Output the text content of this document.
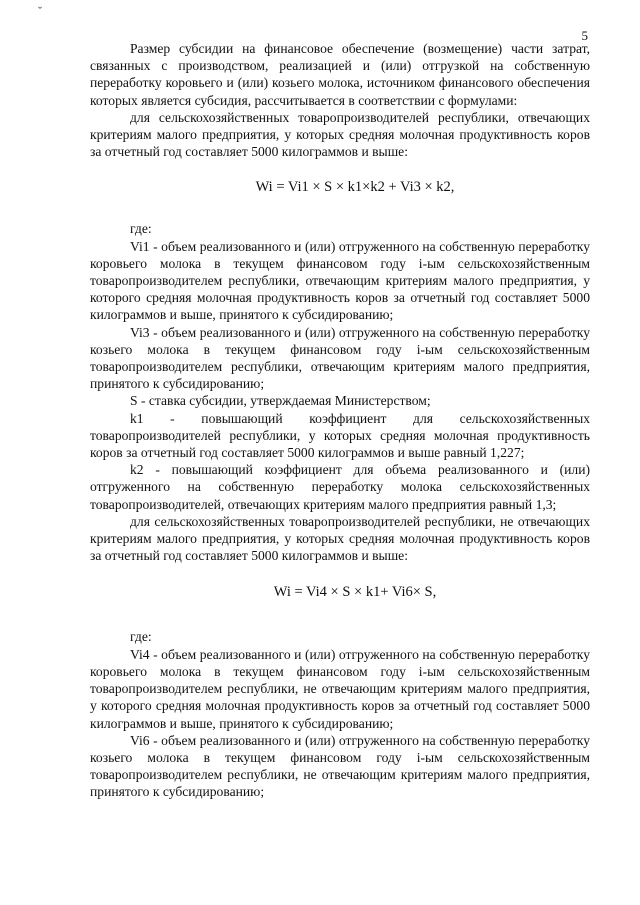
ˇ
5

Размер субсидии на финансовое обеспечение (возмещение) части затрат, связанных с производством, реализацией и (или) отгрузкой на собственную переработку коровьего и (или) козьего молока, источником финансового обеспечения которых является субсидия, рассчитывается в соответствии с формулами:

для сельскохозяйственных товаропроизводителей республики, отвечающих критериям малого предприятия, у которых средняя молочная продуктивность коров за отчетный год составляет 5000 килограммов и выше:

Wi = Vi1 × S × k1×k2 + Vi3 × k2,

где:

Vi1 - объем реализованного и (или) отгруженного на собственную переработку коровьего молока в текущем финансовом году i-ым сельскохозяйственным товаропроизводителем республики, отвечающим критериям малого предприятия, у которого средняя молочная продуктивность коров за отчетный год составляет 5000 килограммов и выше, принятого к субсидированию;

Vi3 - объем реализованного и (или) отгруженного на собственную переработку козьего молока в текущем финансовом году i-ым сельскохозяйственным товаропроизводителем республики, отвечающим критериям малого предприятия, принятого к субсидированию;

S - ставка субсидии, утверждаемая Министерством;

k1 - повышающий коэффициент для сельскохозяйственных товаропроизводителей республики, у которых средняя молочная продуктивность коров за отчетный год составляет 5000 килограммов и выше равный 1,227;

k2 - повышающий коэффициент для объема реализованного и (или) отгруженного на собственную переработку молока сельскохозяйственных товаропроизводителей, отвечающих критериям малого предприятия равный 1,3;

для сельскохозяйственных товаропроизводителей республики, не отвечающих критериям малого предприятия, у которых средняя молочная продуктивность коров за отчетный год составляет 5000 килограммов и выше:

Wi = Vi4 × S × k1+ Vi6× S,

где:

Vi4 - объем реализованного и (или) отгруженного на собственную переработку коровьего молока в текущем финансовом году i-ым сельскохозяйственным товаропроизводителем республики, не отвечающим критериям малого предприятия, у которого средняя молочная продуктивность коров за отчетный год составляет 5000 килограммов и выше, принятого к субсидированию;

Vi6 - объем реализованного и (или) отгруженного на собственную переработку козьего молока в текущем финансовом году i-ым сельскохозяйственным товаропроизводителем республики, не отвечающим критериям малого предприятия, принятого к субсидированию;
